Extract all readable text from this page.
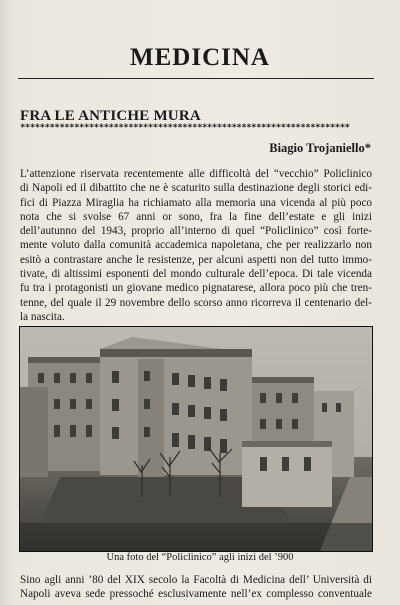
MEDICINA
FRA LE ANTICHE MURA
*******************************************************************
Biagio Trojaniello*
L’attenzione riservata recentemente alle difficoltà del “vecchio” Policlinico
di Napoli ed il dibattito che ne è scaturito sulla destinazione degli storici edi-
fici di Piazza Miraglia ha richiamato alla memoria una vicenda al più poco
nota che si svolse 67 anni or sono, fra la fine dell’estate e gli inizi
dell’autunno del 1943, proprio all’interno di quel “Policlinico” così forte-
mente voluto dalla comunità accademica napoletana, che per realizzarlo non
esitò a contrastare anche le resistenze, per alcuni aspetti non del tutto immo-
tivate, di altissimi esponenti del mondo culturale dell’epoca. Di tale vicenda
fu tra i protagonisti un giovane medico pignatarese, allora poco più che tren-
tenne, del quale il 29 novembre dello scorso anno ricorreva il centenario del-
la nascita.
Una foto del “Policlinico” agli inizi del ’900
Sino agli anni ’80 del XIX secolo la Facoltà di Medicina dell’ Università di
Napoli aveva sede pressoché esclusivamente nell’ex complesso conventuale
